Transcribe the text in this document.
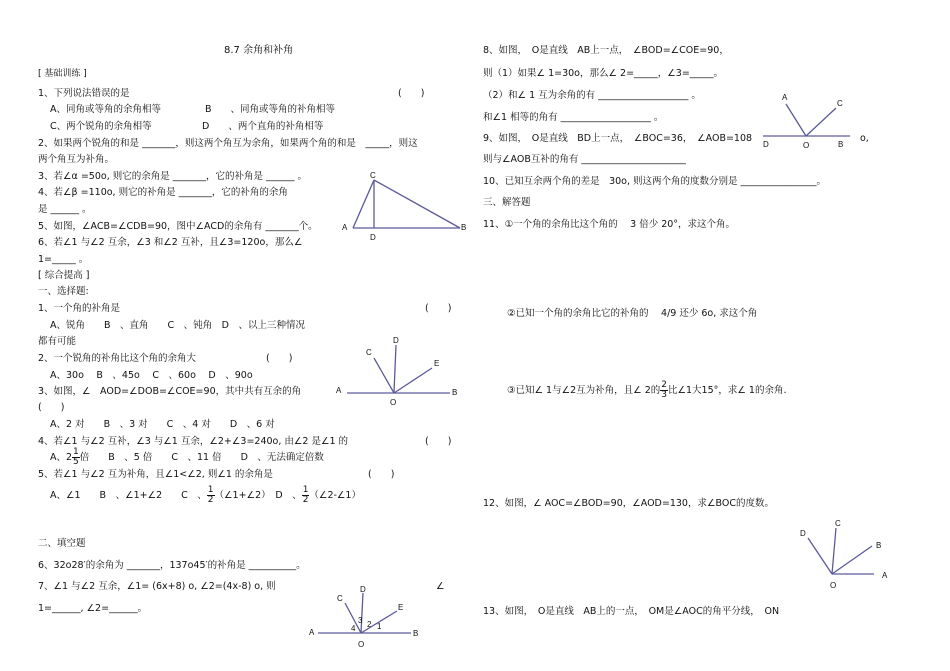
8.7 余角和补角
[ 基础训练 ]
1、下列说法错误的是	(　　)
A、同角或等角的余角相等	B　　、同角或等角的补角相等
C、两个锐角的余角相等	D　　、两个直角的补角相等
2、如果两个锐角的和是 _______，则这两个角互为余角，如果两个角的和是　_____，则这
两个角互为补角。
3、若∠α =50o, 则它的余角是 _______，它的补角是 ______ 。
4、若∠β =110o, 则它的补角是 _______，它的补角的余角
是 ______ 。
5、如图，∠ACB=∠CDB=90，图中∠ACD的余角有 _______个。
6、若∠1 与∠2 互余，∠3 和∠2 互补，且∠3=120o，那么∠
1=_____ 。
C
A
D
B
[ 综合提高 ]
一、选择题:
1、一个角的补角是	(　　)
A、锐角　　B　、直角　　C　、钝角　D　、以上三种情况
都有可能
2、一个锐角的补角比这个角的余角大	(　　)
A、30o　 B　、45o　 C　、60o　 D　、90o
3、如图，∠　AOD=∠DOB=∠COE=90，其中共有互余的角
(　　)
A、2 对　　B　、3 对　　C　、4 对　　D　、6 对
D
C
E
A	B
O
4、若∠1 与∠2 互补，∠3 与∠1 互余，∠2+∠3=240o, 由∠2 是∠1 的	(　　)
A、$2 \frac{1}{5}$ 倍　　B　、5 倍　　C　、11 倍　　D　、无法确定倍数
5、若∠1 与∠2 互为补角，且∠1<∠2, 则∠1 的余角是	(　　)
A、∠1　　B　、∠1+∠2　　C　、 $\frac{1}{2}$ （∠1+∠2）　D　、 $\frac{1}{2}$ （∠2-∠1）
二、填空题
6、32o28′的余角为 _______，137o45′的补角是 __________。
7、∠1 与∠2 互余，∠1= (6x+8) o, ∠2=(4x-8) o, 则	∠
1=______, ∠2=______。
D
C
E
A	B
O
4
3 2 1
8、如图，　O是直线　AB上一点，　∠BOD=∠COE=90，
则（1）如果∠ 1=30o，那么∠ 2=_____，∠3=_____。
（2）和∠ 1 互为余角的有 ___________________ 。
和∠1 相等的角有 ___________________ 。
9、如图，　O是直线　BD上一点，　∠BOC=36，　∠AOB=108	o,
则与∠AOB互补的角有 ______________________
A
C
D	O	B
10、已知互余两个角的差是　30o, 则这两个角的度数分别是 ________________。
三、解答题
11、①一个角的余角比这个角的　 3 倍少 20°，求这个角。
②已知一个角的余角比它的补角的　 4/9 还少 6o, 求这个角
③已知∠ 1与∠2互为补角，且∠ 2的 $\frac{2}{3}$ 比∠1大15°，求∠ 1的余角.
12、如图，∠ AOC=∠BOD=90，∠AOD=130，求∠BOC的度数。
D
C
B
A
O
13、如图，　O是直线　AB上的一点，　OM是∠AOC的角平分线，　ON
